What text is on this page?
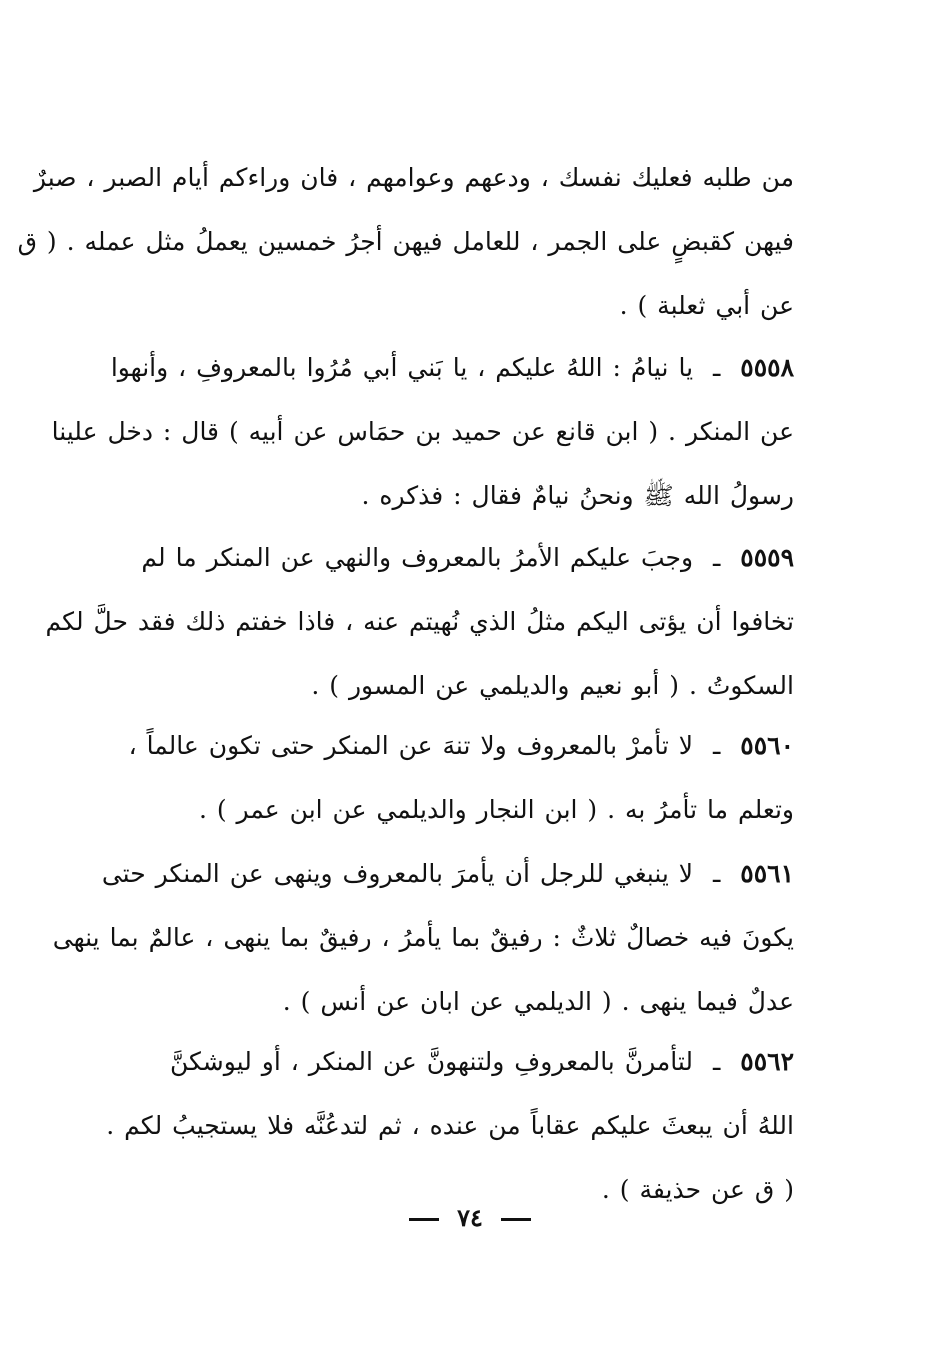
من طلبه فعليك نفسك ، ودعهم وعوامهم ، فان وراءكم أيام الصبر ، صبرٌ
فيهن كقبضٍ على الجمر ، للعامل فيهن أجرُ خمسين يعملُ مثل عمله . ( ق
عن أبي ثعلبة ) .
٥٥٥٨ ـ يا نيامُ : اللهُ عليكم ، يا بَني أبي مُرُوا بالمعروفِ ، وأنهوا
عن المنكر . ( ابن قانع عن حميد بن حمَاس عن أبيه ) قال : دخل علينا
رسولُ الله ﷺ ونحنُ نيامٌ فقال : فذكره .
٥٥٥٩ ـ وجبَ عليكم الأمرُ بالمعروف والنهي عن المنكر ما لم
تخافوا أن يؤتى اليكم مثلُ الذي نُهيتم عنه ، فاذا خفتم ذلك فقد حلَّ لكم
السكوتُ . ( أبو نعيم والديلمي عن المسور ) .
٥٥٦٠ ـ لا تأمرْ بالمعروف ولا تنهَ عن المنكر حتى تكون عالماً ،
وتعلم ما تأمرُ به . ( ابن النجار والديلمي عن ابن عمر ) .
٥٥٦١ ـ لا ينبغي للرجل أن يأمرَ بالمعروف وينهى عن المنكر حتى
يكونَ فيه خصالٌ ثلاثٌ : رفيقٌ بما يأمرُ ، رفيقٌ بما ينهى ، عالمٌ بما ينهى
عدلٌ فيما ينهى . ( الديلمي عن ابان عن أنس ) .
٥٥٦٢ ـ لتأمرنَّ بالمعروفِ ولتنهونَّ عن المنكر ، أو ليوشكنَّ
اللهُ أن يبعثَ عليكم عقاباً من عنده ، ثم لتدعُنَّه فلا يستجيبُ لكم .
( ق عن حذيفة ) .
٧٤
